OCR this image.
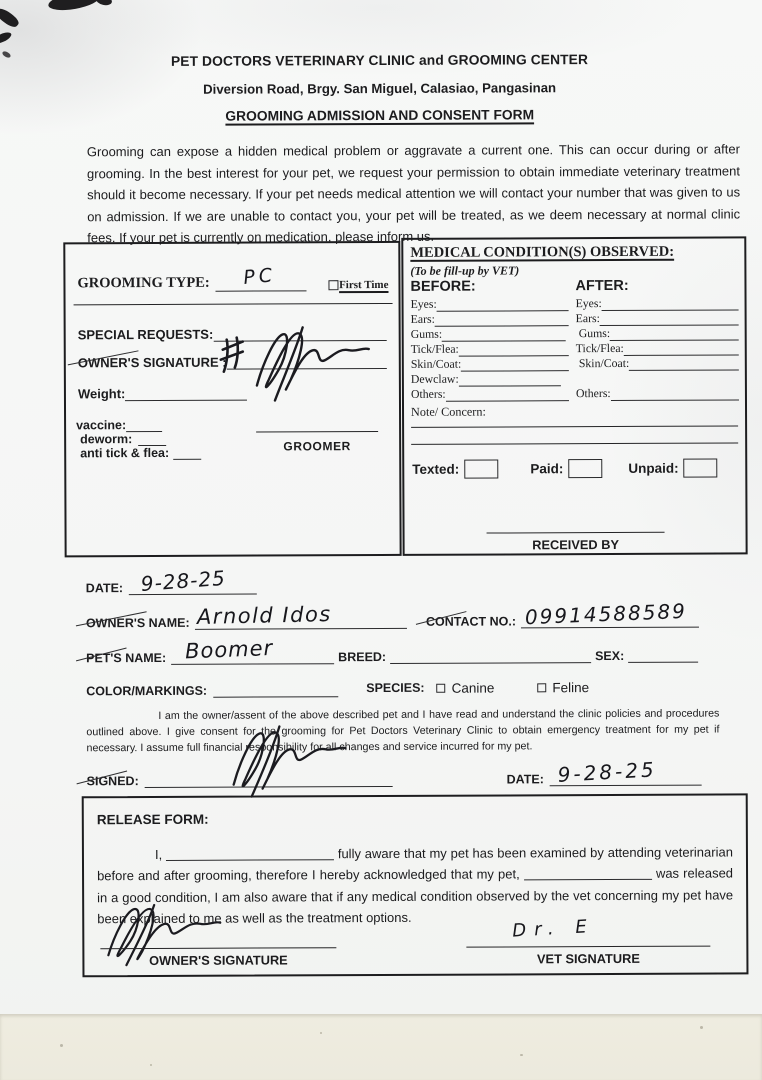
PET DOCTORS VETERINARY CLINIC and GROOMING CENTER
Diversion Road, Brgy. San Miguel, Calasiao, Pangasinan
GROOMING ADMISSION AND CONSENT FORM
Grooming can expose a hidden medical problem or aggravate a current one. This can occur during or after grooming. In the best interest for your pet, we request your permission to obtain immediate veterinary treatment should it become necessary. If your pet needs medical attention we will contact your number that was given to us on admission. If we are unable to contact you, your pet will be treated, as we deem necessary at normal clinic fees. If your pet is currently on medication, please inform us.
GROOMING TYPE: PC	First Time
SPECIAL REQUESTS:
OWNER'S SIGNATURE :
Weight:
vaccine:
deworm:
anti tick & flea:	GROOMER
MEDICAL CONDITION(S) OBSERVED:
(To be fill-up by VET)
BEFORE:	AFTER:
Eyes:	Eyes:
Ears:	Ears:
Gums:	Gums:
Tick/Flea:	Tick/Flea:
Skin/Coat:	Skin/Coat:
Dewclaw:
Others:	Others:
Note/ Concern:
Texted:	Paid:	Unpaid:
RECEIVED BY
DATE: 9-28-25
OWNER'S NAME: Arnold Idos	CONTACT NO.: 09914588589
PET'S NAME: Boomer	BREED:	SEX:
COLOR/MARKINGS:	SPECIES: Canine	Feline
I am the owner/assent of the above described pet and I have read and understand the clinic policies and procedures outlined above. I give consent for the grooming for Pet Doctors Veterinary Clinic to obtain emergency treatment for my pet if necessary. I assume full financial responsibility for all changes and service incurred for my pet.
SIGNED:	DATE: 9-28-25
RELEASE FORM:
I,	fully aware that my pet has been examined by attending veterinarian before and after grooming, therefore I hereby acknowledged that my pet,	was released in a good condition, I am also aware that if any medical condition observed by the vet concerning my pet have been explained to me as well as the treatment options.
OWNER'S SIGNATURE
Dr. E
VET SIGNATURE
